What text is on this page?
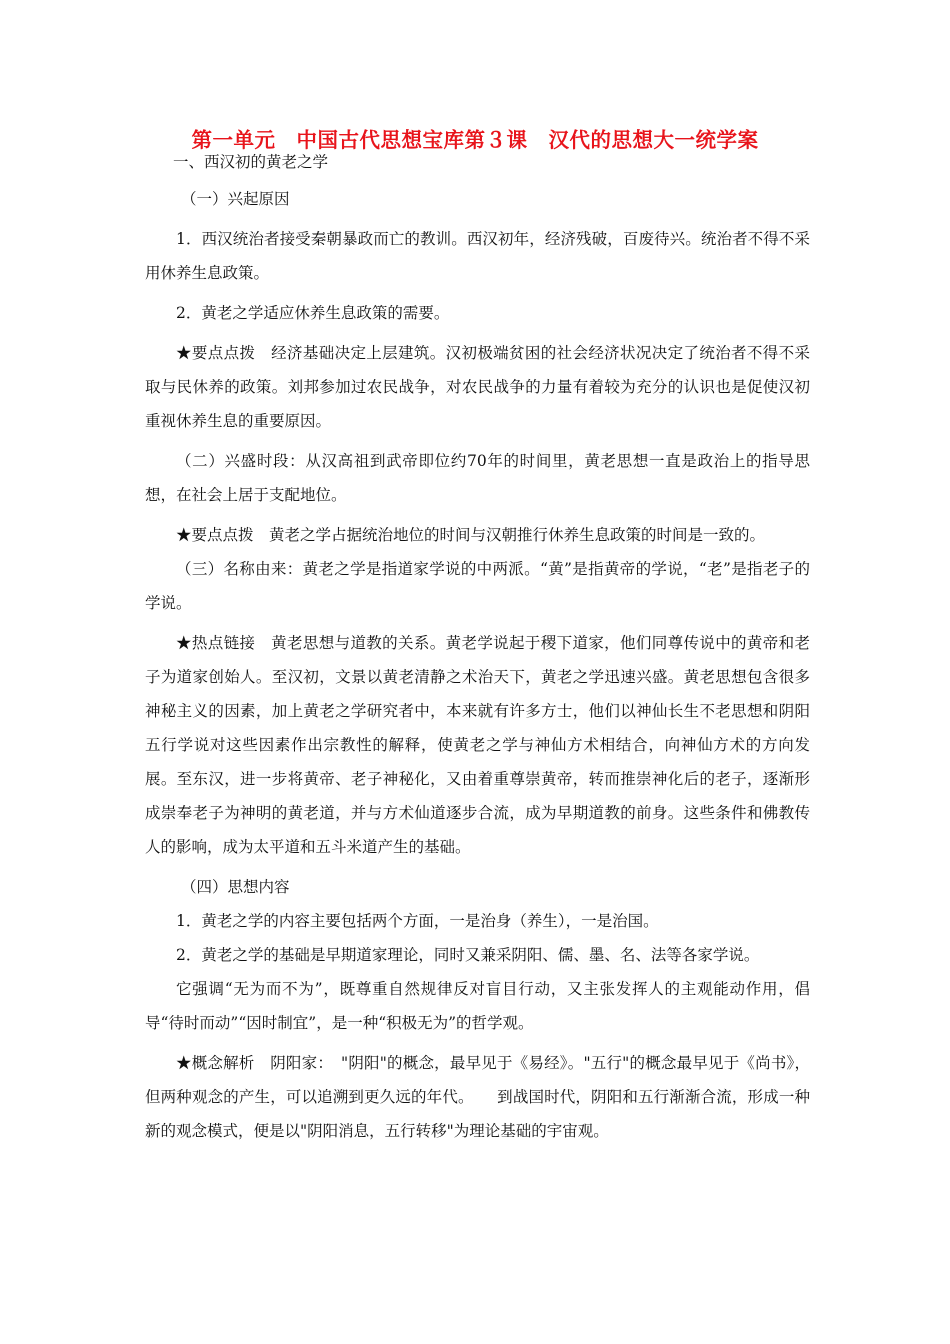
第一单元　中国古代思想宝库第３课　汉代的思想大一统学案

一、西汉初的黄老之学

（一）兴起原因

1．西汉统治者接受秦朝暴政而亡的教训。西汉初年，经济残破，百废待兴。统治者不得不采用休养生息政策。

2．黄老之学适应休养生息政策的需要。

★要点点拨　经济基础决定上层建筑。汉初极端贫困的社会经济状况决定了统治者不得不采取与民休养的政策。刘邦参加过农民战争，对农民战争的力量有着较为充分的认识也是促使汉初重视休养生息的重要原因。

（二）兴盛时段：从汉高祖到武帝即位约70年的时间里，黄老思想一直是政治上的指导思想，在社会上居于支配地位。

★要点点拨　黄老之学占据统治地位的时间与汉朝推行休养生息政策的时间是一致的。

（三）名称由来：黄老之学是指道家学说的中两派。“黄”是指黄帝的学说，“老”是指老子的学说。

★热点链接　黄老思想与道教的关系。黄老学说起于稷下道家，他们同尊传说中的黄帝和老子为道家创始人。至汉初，文景以黄老清静之术治天下，黄老之学迅速兴盛。黄老思想包含很多神秘主义的因素，加上黄老之学研究者中，本来就有许多方士，他们以神仙长生不老思想和阴阳五行学说对这些因素作出宗教性的解释，使黄老之学与神仙方术相结合，向神仙方术的方向发展。至东汉，进一步将黄帝、老子神秘化，又由着重尊崇黄帝，转而推崇神化后的老子，逐渐形成崇奉老子为神明的黄老道，并与方术仙道逐步合流，成为早期道教的前身。这些条件和佛教传人的影响，成为太平道和五斗米道产生的基础。

（四）思想内容

1．黄老之学的内容主要包括两个方面，一是治身（养生），一是治国。

2．黄老之学的基础是早期道家理论，同时又兼采阴阳、儒、墨、名、法等各家学说。

它强调“无为而不为”，既尊重自然规律反对盲目行动，又主张发挥人的主观能动作用，倡导“待时而动”“因时制宜”，是一种“积极无为”的哲学观。

★概念解析　阴阳家：　"阴阳"的概念，最早见于《易经》。"五行"的概念最早见于《尚书》，但两种观念的产生，可以追溯到更久远的年代。　　到战国时代，阴阳和五行渐渐合流，形成一种新的观念模式，便是以"阴阳消息，五行转移"为理论基础的宇宙观。
